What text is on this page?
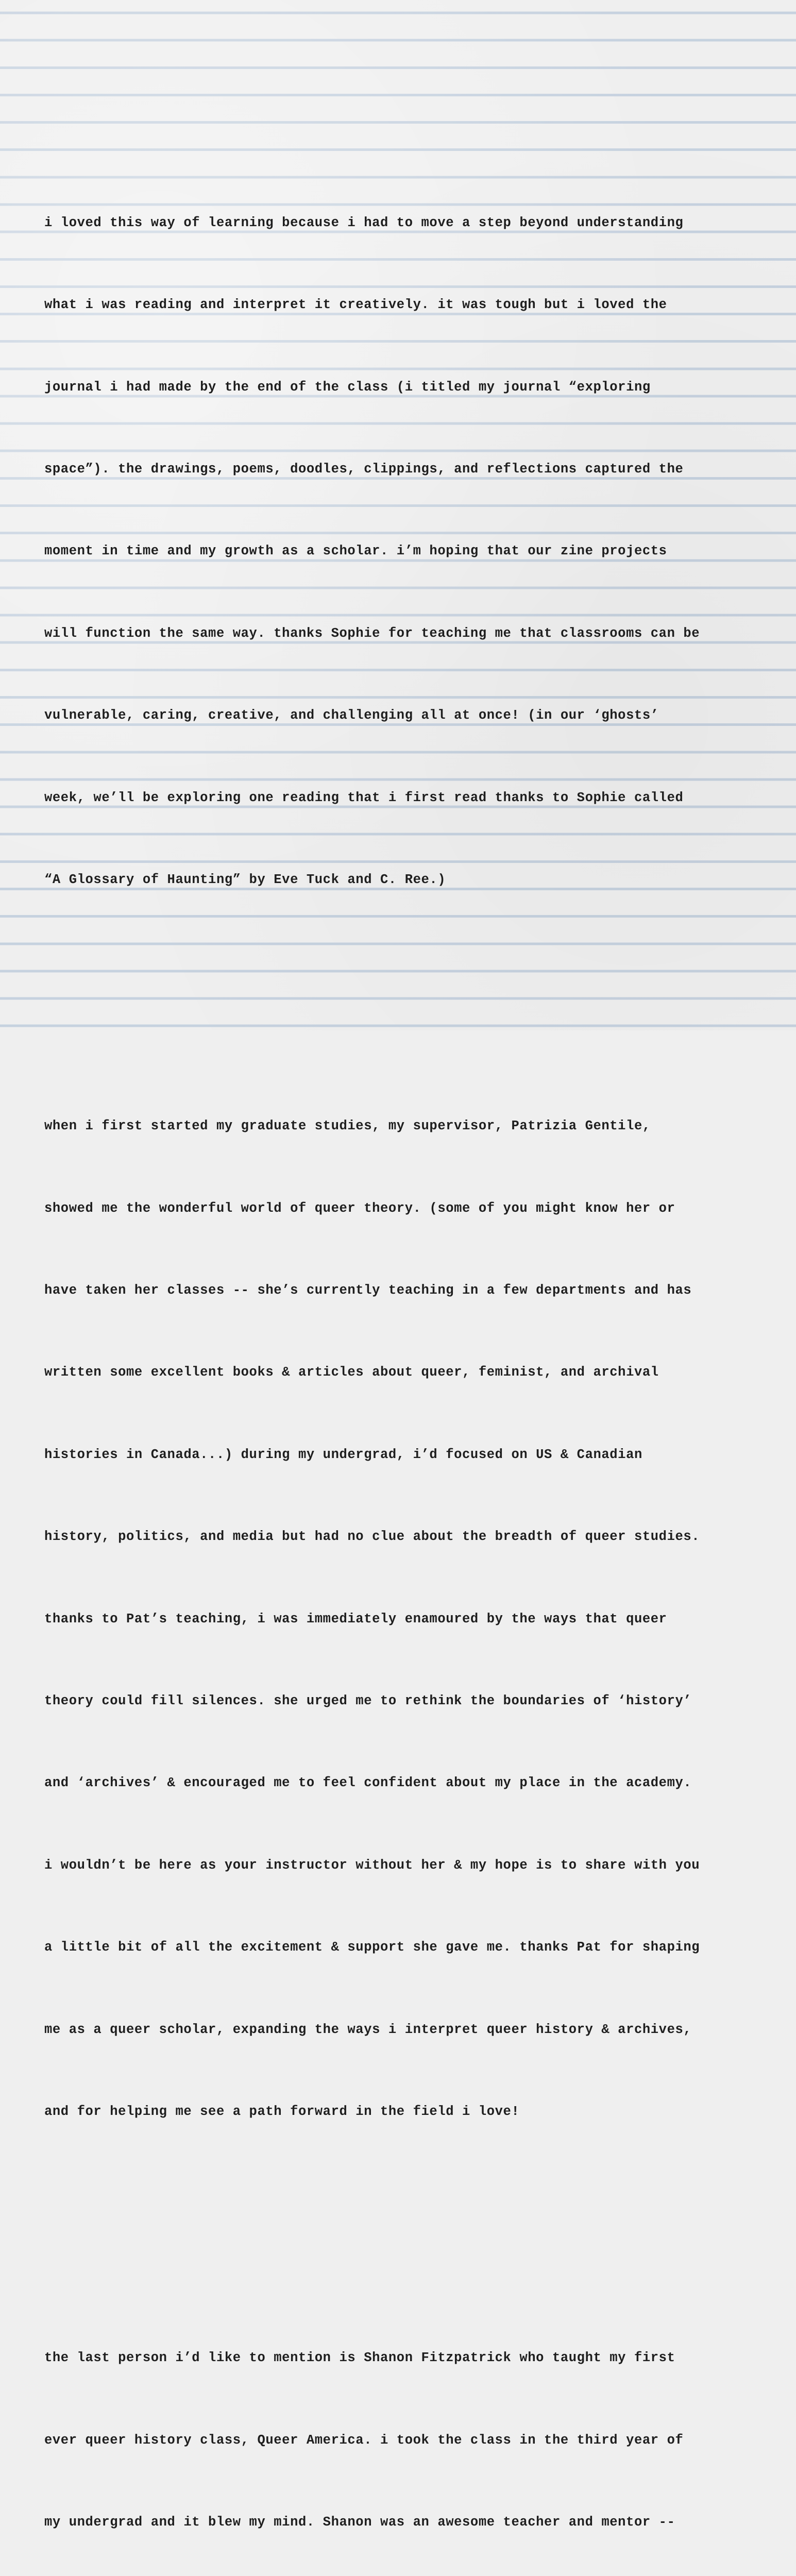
i loved this way of learning because i had to move a step beyond understanding

what i was reading and interpret it creatively. it was tough but i loved the

journal i had made by the end of the class (i titled my journal “exploring

space”). the drawings, poems, doodles, clippings, and reflections captured the

moment in time and my growth as a scholar. i’m hoping that our zine projects

will function the same way. thanks Sophie for teaching me that classrooms can be

vulnerable, caring, creative, and challenging all at once! (in our ‘ghosts’

week, we’ll be exploring one reading that i first read thanks to Sophie called

“A Glossary of Haunting” by Eve Tuck and C. Ree.)

when i first started my graduate studies, my supervisor, Patrizia Gentile,

showed me the wonderful world of queer theory. (some of you might know her or

have taken her classes -- she’s currently teaching in a few departments and has

written some excellent books & articles about queer, feminist, and archival

histories in Canada...) during my undergrad, i’d focused on US & Canadian

history, politics, and media but had no clue about the breadth of queer studies.

thanks to Pat’s teaching, i was immediately enamoured by the ways that queer

theory could fill silences. she urged me to rethink the boundaries of ‘history’

and ‘archives’ & encouraged me to feel confident about my place in the academy.

i wouldn’t be here as your instructor without her & my hope is to share with you

a little bit of all the excitement & support she gave me. thanks Pat for shaping

me as a queer scholar, expanding the ways i interpret queer history & archives,

and for helping me see a path forward in the field i love!

the last person i’d like to mention is Shanon Fitzpatrick who taught my first

ever queer history class, Queer America. i took the class in the third year of

my undergrad and it blew my mind. Shanon was an awesome teacher and mentor --
